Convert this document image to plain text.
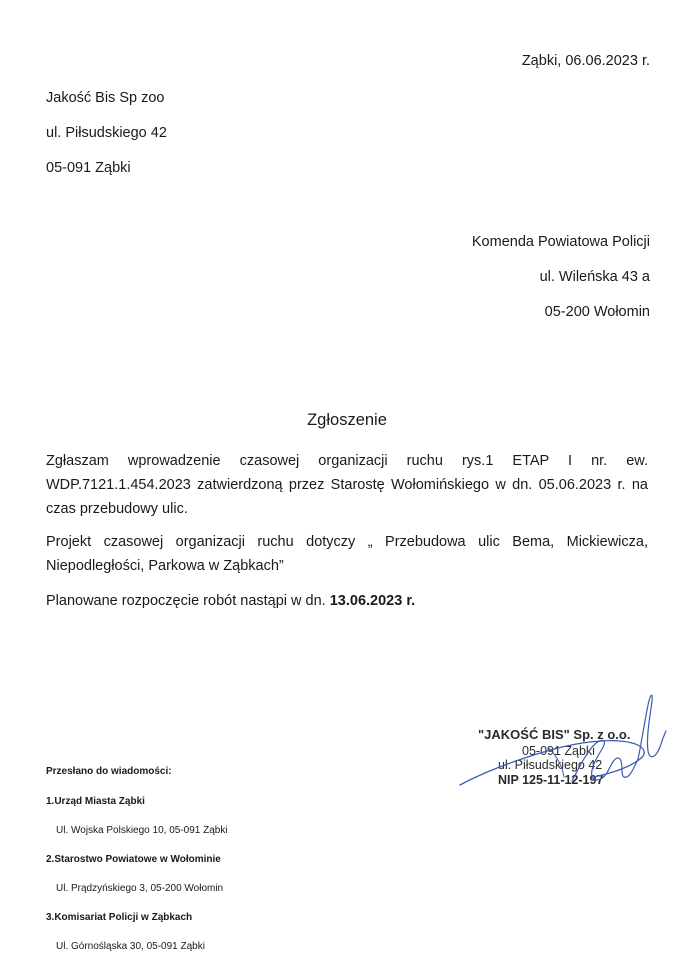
Ząbki, 06.06.2023 r.
Jakość Bis Sp zoo
ul. Piłsudskiego 42
05-091 Ząbki
Komenda Powiatowa Policji
ul. Wileńska 43 a
05-200 Wołomin
Zgłoszenie
Zgłaszam wprowadzenie czasowej organizacji ruchu rys.1 ETAP I nr. ew.
WDP.7121.1.454.2023 zatwierdzoną przez Starostę Wołomińskiego w dn. 05.06.2023 r. na czas przebudowy ulic.
Projekt czasowej organizacji ruchu dotyczy „ Przebudowa ulic Bema, Mickiewicza, Niepodległości, Parkowa w Ząbkach”
Planowane rozpoczęcie robót nastąpi w dn. 13.06.2023 r.
"JAKOŚĆ BIS" Sp. z o.o.
05-091 Ząbki
ul. Piłsudskiego 42
NIP 125-11-12-197
Przesłano do wiadomości:
1.Urząd Miasta Ząbki
Ul. Wojska Polskiego 10, 05-091 Ząbki
2.Starostwo Powiatowe w Wołominie
Ul. Prądzyńskiego 3, 05-200 Wołomin
3.Komisariat Policji w Ząbkach
Ul. Górnośląska 30, 05-091 Ząbki
